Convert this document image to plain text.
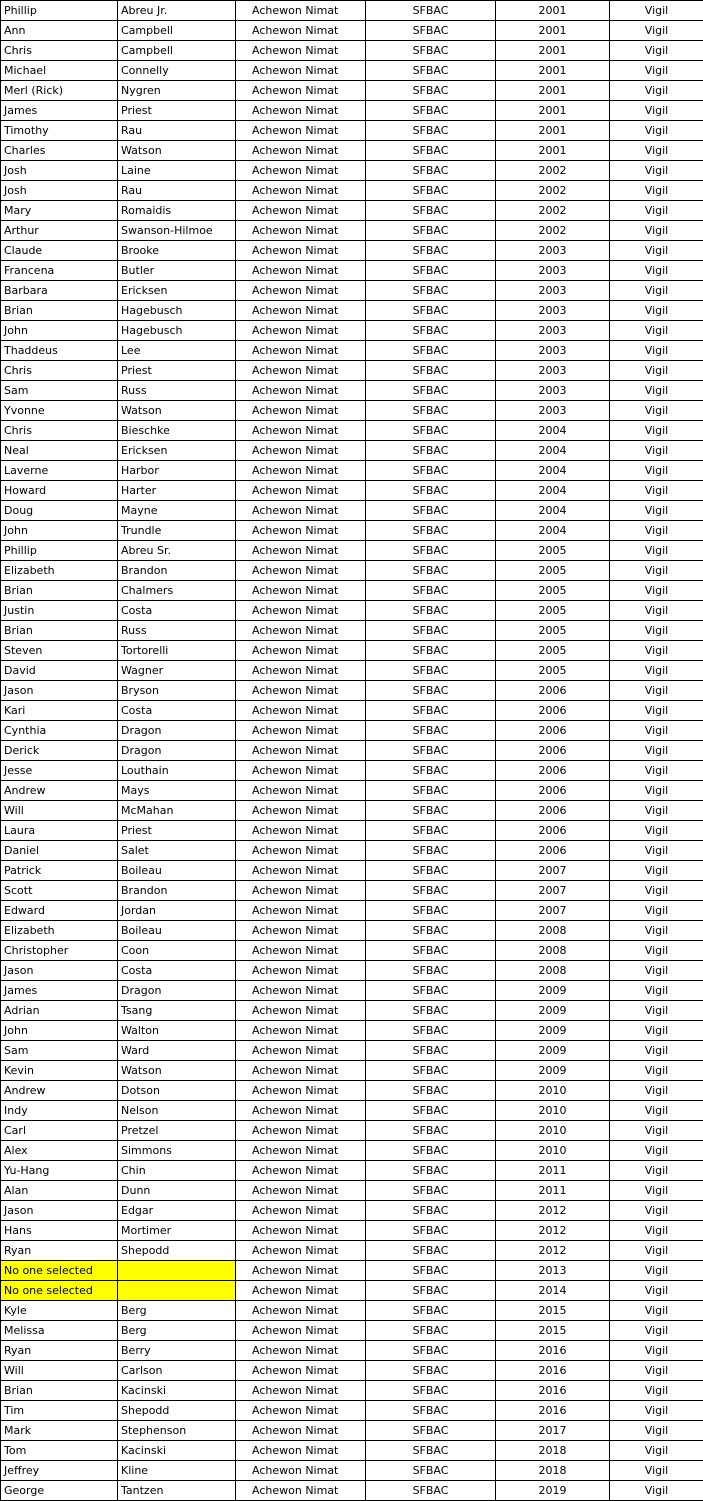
Phillip	Abreu Jr.	Achewon Nimat	SFBAC	2001	Vigil
Ann	Campbell	Achewon Nimat	SFBAC	2001	Vigil
Chris	Campbell	Achewon Nimat	SFBAC	2001	Vigil
Michael	Connelly	Achewon Nimat	SFBAC	2001	Vigil
Merl (Rick)	Nygren	Achewon Nimat	SFBAC	2001	Vigil
James	Priest	Achewon Nimat	SFBAC	2001	Vigil
Timothy	Rau	Achewon Nimat	SFBAC	2001	Vigil
Charles	Watson	Achewon Nimat	SFBAC	2001	Vigil
Josh	Laine	Achewon Nimat	SFBAC	2002	Vigil
Josh	Rau	Achewon Nimat	SFBAC	2002	Vigil
Mary	Romaidis	Achewon Nimat	SFBAC	2002	Vigil
Arthur	Swanson-Hilmoe	Achewon Nimat	SFBAC	2002	Vigil
Claude	Brooke	Achewon Nimat	SFBAC	2003	Vigil
Francena	Butler	Achewon Nimat	SFBAC	2003	Vigil
Barbara	Ericksen	Achewon Nimat	SFBAC	2003	Vigil
Brian	Hagebusch	Achewon Nimat	SFBAC	2003	Vigil
John	Hagebusch	Achewon Nimat	SFBAC	2003	Vigil
Thaddeus	Lee	Achewon Nimat	SFBAC	2003	Vigil
Chris	Priest	Achewon Nimat	SFBAC	2003	Vigil
Sam	Russ	Achewon Nimat	SFBAC	2003	Vigil
Yvonne	Watson	Achewon Nimat	SFBAC	2003	Vigil
Chris	Bieschke	Achewon Nimat	SFBAC	2004	Vigil
Neal	Ericksen	Achewon Nimat	SFBAC	2004	Vigil
Laverne	Harbor	Achewon Nimat	SFBAC	2004	Vigil
Howard	Harter	Achewon Nimat	SFBAC	2004	Vigil
Doug	Mayne	Achewon Nimat	SFBAC	2004	Vigil
John	Trundle	Achewon Nimat	SFBAC	2004	Vigil
Phillip	Abreu Sr.	Achewon Nimat	SFBAC	2005	Vigil
Elizabeth	Brandon	Achewon Nimat	SFBAC	2005	Vigil
Brian	Chalmers	Achewon Nimat	SFBAC	2005	Vigil
Justin	Costa	Achewon Nimat	SFBAC	2005	Vigil
Brian	Russ	Achewon Nimat	SFBAC	2005	Vigil
Steven	Tortorelli	Achewon Nimat	SFBAC	2005	Vigil
David	Wagner	Achewon Nimat	SFBAC	2005	Vigil
Jason	Bryson	Achewon Nimat	SFBAC	2006	Vigil
Kari	Costa	Achewon Nimat	SFBAC	2006	Vigil
Cynthia	Dragon	Achewon Nimat	SFBAC	2006	Vigil
Derick	Dragon	Achewon Nimat	SFBAC	2006	Vigil
Jesse	Louthain	Achewon Nimat	SFBAC	2006	Vigil
Andrew	Mays	Achewon Nimat	SFBAC	2006	Vigil
Will	McMahan	Achewon Nimat	SFBAC	2006	Vigil
Laura	Priest	Achewon Nimat	SFBAC	2006	Vigil
Daniel	Salet	Achewon Nimat	SFBAC	2006	Vigil
Patrick	Boileau	Achewon Nimat	SFBAC	2007	Vigil
Scott	Brandon	Achewon Nimat	SFBAC	2007	Vigil
Edward	Jordan	Achewon Nimat	SFBAC	2007	Vigil
Elizabeth	Boileau	Achewon Nimat	SFBAC	2008	Vigil
Christopher	Coon	Achewon Nimat	SFBAC	2008	Vigil
Jason	Costa	Achewon Nimat	SFBAC	2008	Vigil
James	Dragon	Achewon Nimat	SFBAC	2009	Vigil
Adrian	Tsang	Achewon Nimat	SFBAC	2009	Vigil
John	Walton	Achewon Nimat	SFBAC	2009	Vigil
Sam	Ward	Achewon Nimat	SFBAC	2009	Vigil
Kevin	Watson	Achewon Nimat	SFBAC	2009	Vigil
Andrew	Dotson	Achewon Nimat	SFBAC	2010	Vigil
Indy	Nelson	Achewon Nimat	SFBAC	2010	Vigil
Carl	Pretzel	Achewon Nimat	SFBAC	2010	Vigil
Alex	Simmons	Achewon Nimat	SFBAC	2010	Vigil
Yu-Hang	Chin	Achewon Nimat	SFBAC	2011	Vigil
Alan	Dunn	Achewon Nimat	SFBAC	2011	Vigil
Jason	Edgar	Achewon Nimat	SFBAC	2012	Vigil
Hans	Mortimer	Achewon Nimat	SFBAC	2012	Vigil
Ryan	Shepodd	Achewon Nimat	SFBAC	2012	Vigil
No one selected		Achewon Nimat	SFBAC	2013	Vigil
No one selected		Achewon Nimat	SFBAC	2014	Vigil
Kyle	Berg	Achewon Nimat	SFBAC	2015	Vigil
Melissa	Berg	Achewon Nimat	SFBAC	2015	Vigil
Ryan	Berry	Achewon Nimat	SFBAC	2016	Vigil
Will	Carlson	Achewon Nimat	SFBAC	2016	Vigil
Brian	Kacinski	Achewon Nimat	SFBAC	2016	Vigil
Tim	Shepodd	Achewon Nimat	SFBAC	2016	Vigil
Mark	Stephenson	Achewon Nimat	SFBAC	2017	Vigil
Tom	Kacinski	Achewon Nimat	SFBAC	2018	Vigil
Jeffrey	Kline	Achewon Nimat	SFBAC	2018	Vigil
George	Tantzen	Achewon Nimat	SFBAC	2019	Vigil
